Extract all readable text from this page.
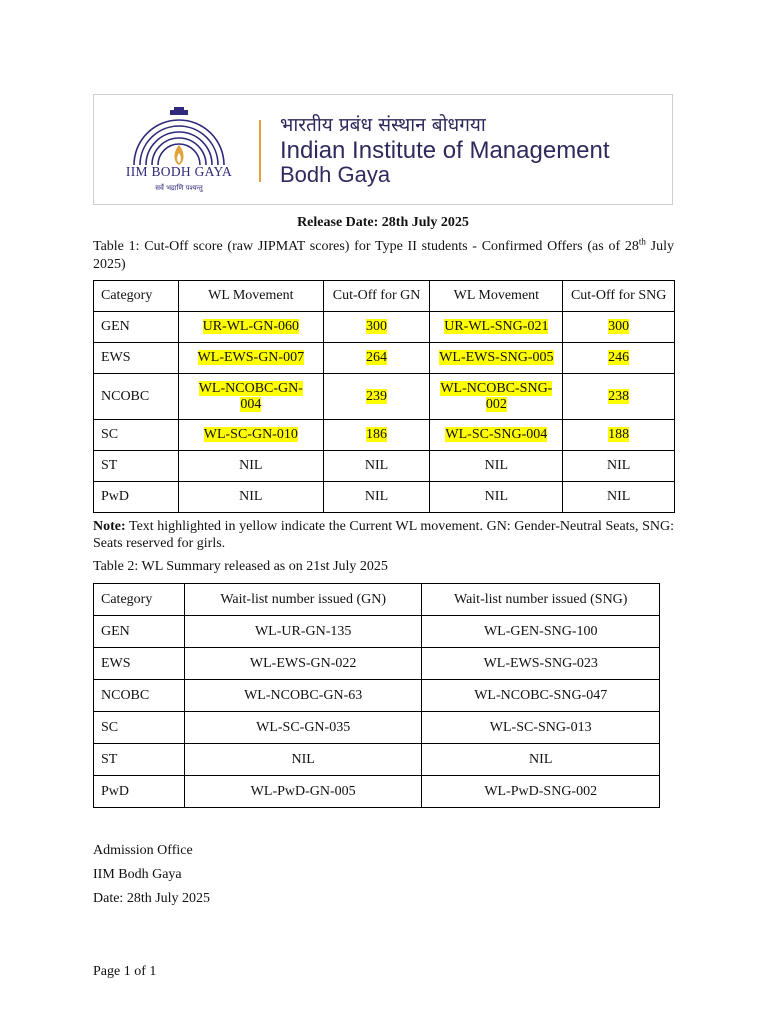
IIM BODH GAYA
सर्वे भद्राणि पश्यन्तु
भारतीय प्रबंध संस्थान बोधगया
Indian Institute of Management
Bodh Gaya
Release Date: 28th July 2025
Table 1: Cut-Off score (raw JIPMAT scores) for Type II students - Confirmed Offers (as of 28th July 2025)
Category	WL Movement	Cut-Off for GN	WL Movement	Cut-Off for SNG
GEN	UR-WL-GN-060	300	UR-WL-SNG-021	300
EWS	WL-EWS-GN-007	264	WL-EWS-SNG-005	246
NCOBC	WL-NCOBC-GN-004	239	WL-NCOBC-SNG-002	238
SC	WL-SC-GN-010	186	WL-SC-SNG-004	188
ST	NIL	NIL	NIL	NIL
PwD	NIL	NIL	NIL	NIL
Note: Text highlighted in yellow indicate the Current WL movement. GN: Gender-Neutral Seats, SNG: Seats reserved for girls.
Table 2: WL Summary released as on 21st July 2025
Category	Wait-list number issued (GN)	Wait-list number issued (SNG)
GEN	WL-UR-GN-135	WL-GEN-SNG-100
EWS	WL-EWS-GN-022	WL-EWS-SNG-023
NCOBC	WL-NCOBC-GN-63	WL-NCOBC-SNG-047
SC	WL-SC-GN-035	WL-SC-SNG-013
ST	NIL	NIL
PwD	WL-PwD-GN-005	WL-PwD-SNG-002
Admission Office
IIM Bodh Gaya
Date: 28th July 2025
Page 1 of 1
